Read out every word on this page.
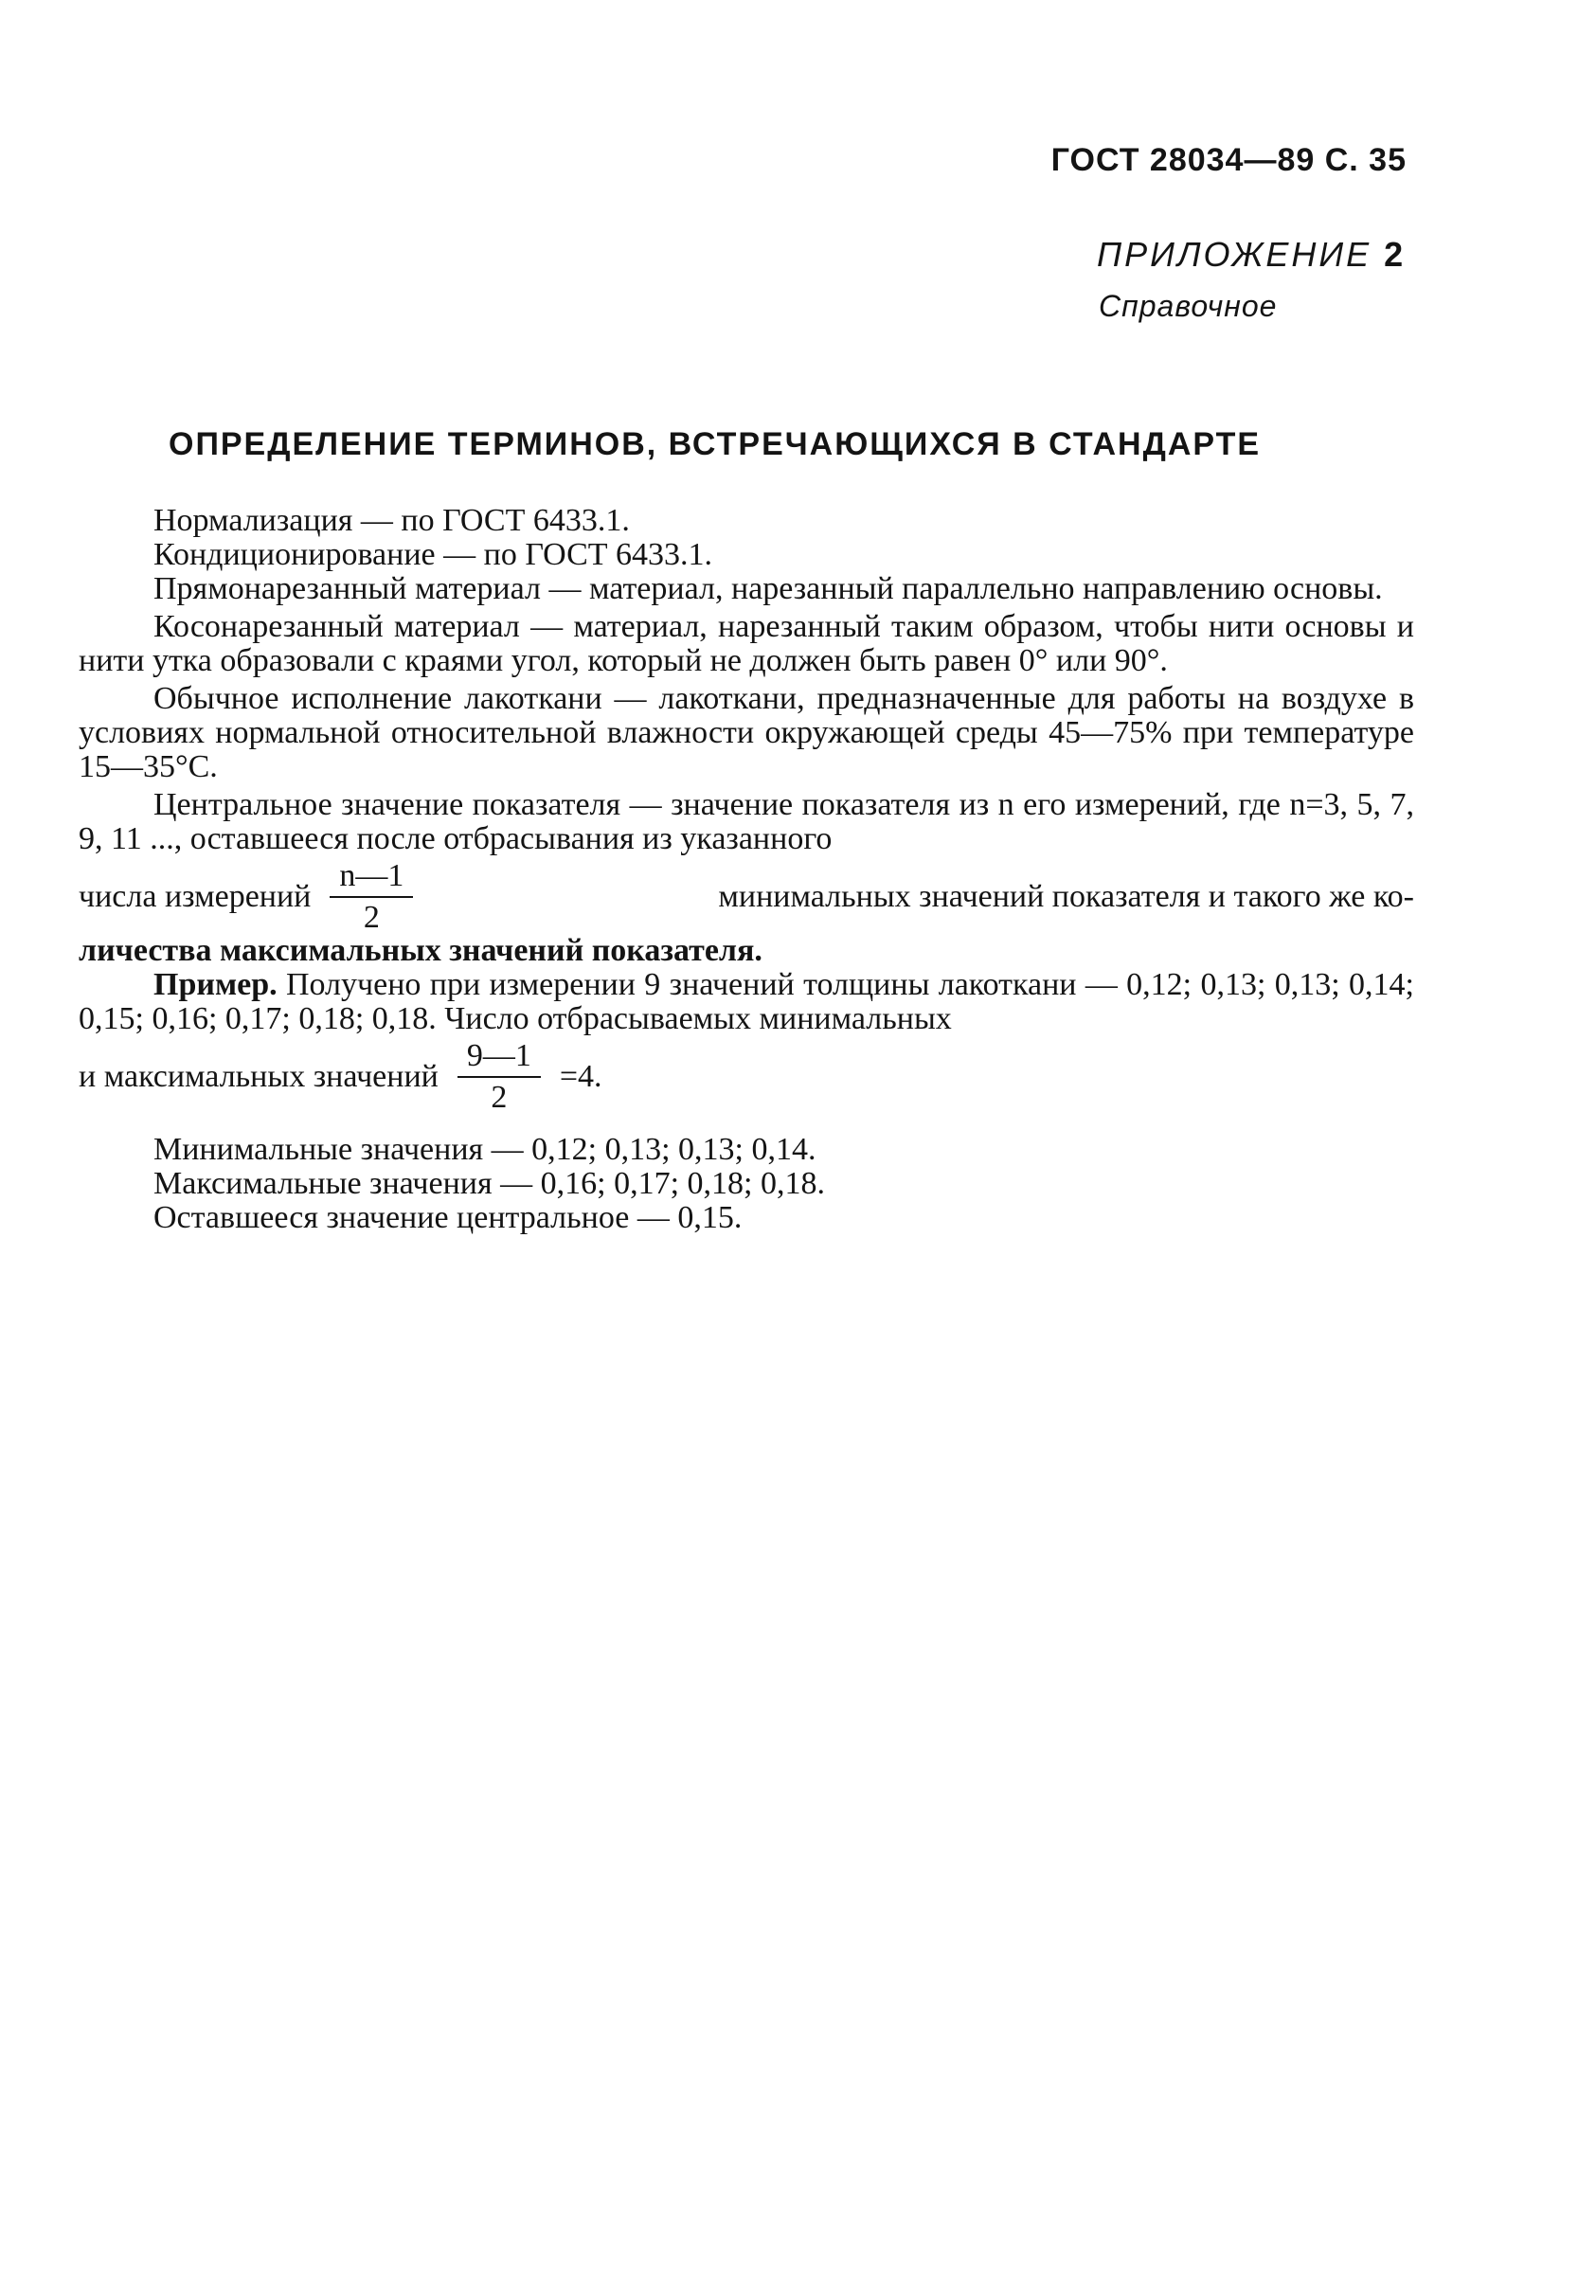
ГОСТ 28034—89 С. 35
ПРИЛОЖЕНИЕ 2
Справочное
ОПРЕДЕЛЕНИЕ ТЕРМИНОВ, ВСТРЕЧАЮЩИХСЯ В СТАНДАРТЕ
Нормализация — по ГОСТ 6433.1.
Кондиционирование — по ГОСТ 6433.1.
Прямонарезанный материал — материал, нарезанный параллельно направлению основы.
Косонарезанный материал — материал, нарезанный таким образом, чтобы нити основы и нити утка образовали с краями угол, который не должен быть равен 0° или 90°.
Обычное исполнение лакоткани — лакоткани, предназначенные для работы на воздухе в условиях нормальной относительной влажности окружающей среды 45—75% при температуре 15—35°С.
Центральное значение показателя — значение показателя из n его измерений, где n=3, 5, 7, 9, 11 ..., оставшееся после отбрасывания из указанного
числа измерений $\frac{n—1}{2}$	минимальных значений показателя и такого же ко-
личества максимальных значений показателя.
Пример. Получено при измерении 9 значений толщины лакоткани — 0,12; 0,13; 0,13; 0,14; 0,15; 0,16; 0,17; 0,18; 0,18. Число отбрасываемых минимальных
и максимальных значений $\frac{9—1}{2} =4$.
Минимальные значения — 0,12; 0,13; 0,13; 0,14.
Максимальные значения — 0,16; 0,17; 0,18; 0,18.
Оставшееся значение центральное — 0,15.
